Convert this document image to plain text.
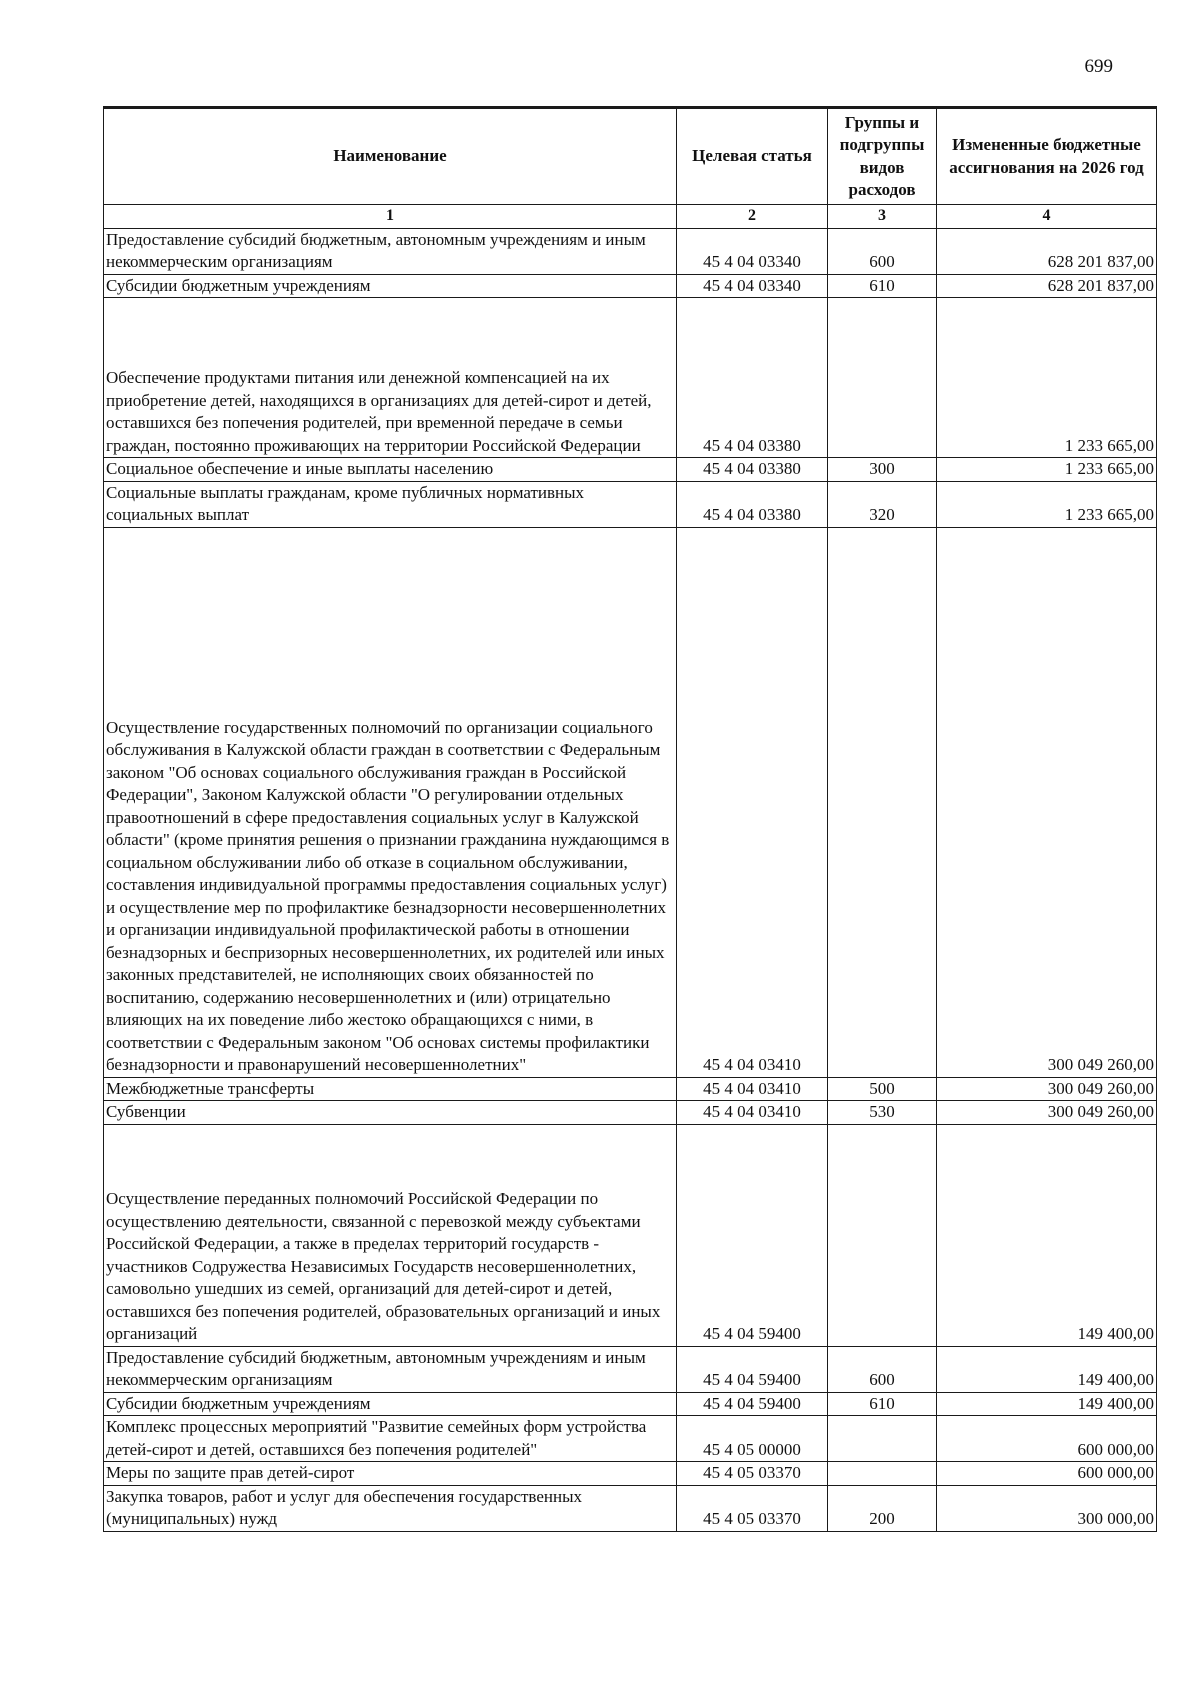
699
Наименование	Целевая статья	Группы и подгруппы видов расходов	Измененные бюджетные ассигнования на 2026 год
1	2	3	4
Предоставление субсидий бюджетным, автономным учреждениям и иным некоммерческим организациям	45 4 04 03340	600	628 201 837,00
Субсидии бюджетным учреждениям	45 4 04 03340	610	628 201 837,00
Обеспечение продуктами питания или денежной компенсацией на их приобретение детей, находящихся в организациях для детей-сирот и детей, оставшихся без попечения родителей, при временной передаче в семьи граждан, постоянно проживающих на территории Российской Федерации	45 4 04 03380		1 233 665,00
Социальное обеспечение и иные выплаты населению	45 4 04 03380	300	1 233 665,00
Социальные выплаты гражданам, кроме публичных нормативных социальных выплат	45 4 04 03380	320	1 233 665,00
Осуществление государственных полномочий по организации социального обслуживания в Калужской области граждан в соответствии с Федеральным законом "Об основах социального обслуживания граждан в Российской Федерации", Законом Калужской области "О регулировании отдельных правоотношений в сфере предоставления социальных услуг в Калужской области" (кроме принятия решения о признании гражданина нуждающимся в социальном обслуживании либо об отказе в социальном обслуживании, составления индивидуальной программы предоставления социальных услуг) и осуществление мер по профилактике безнадзорности несовершеннолетних и организации индивидуальной профилактической работы в отношении безнадзорных и беспризорных несовершеннолетних, их родителей или иных законных представителей, не исполняющих своих обязанностей по воспитанию, содержанию несовершеннолетних и (или) отрицательно влияющих на их поведение либо жестоко обращающихся с ними, в соответствии с Федеральным законом "Об основах системы профилактики безнадзорности и правонарушений несовершеннолетних"	45 4 04 03410		300 049 260,00
Межбюджетные трансферты	45 4 04 03410	500	300 049 260,00
Субвенции	45 4 04 03410	530	300 049 260,00
Осуществление переданных полномочий Российской Федерации по осуществлению деятельности, связанной с перевозкой между субъектами Российской Федерации, а также в пределах территорий государств - участников Содружества Независимых Государств несовершеннолетних, самовольно ушедших из семей, организаций для детей-сирот и детей, оставшихся без попечения родителей, образовательных организаций и иных организаций	45 4 04 59400		149 400,00
Предоставление субсидий бюджетным, автономным учреждениям и иным некоммерческим организациям	45 4 04 59400	600	149 400,00
Субсидии бюджетным учреждениям	45 4 04 59400	610	149 400,00
Комплекс процессных мероприятий "Развитие семейных форм устройства детей-сирот и детей, оставшихся без попечения родителей"	45 4 05 00000		600 000,00
Меры по защите прав детей-сирот	45 4 05 03370		600 000,00
Закупка товаров, работ и услуг для обеспечения государственных (муниципальных) нужд	45 4 05 03370	200	300 000,00
